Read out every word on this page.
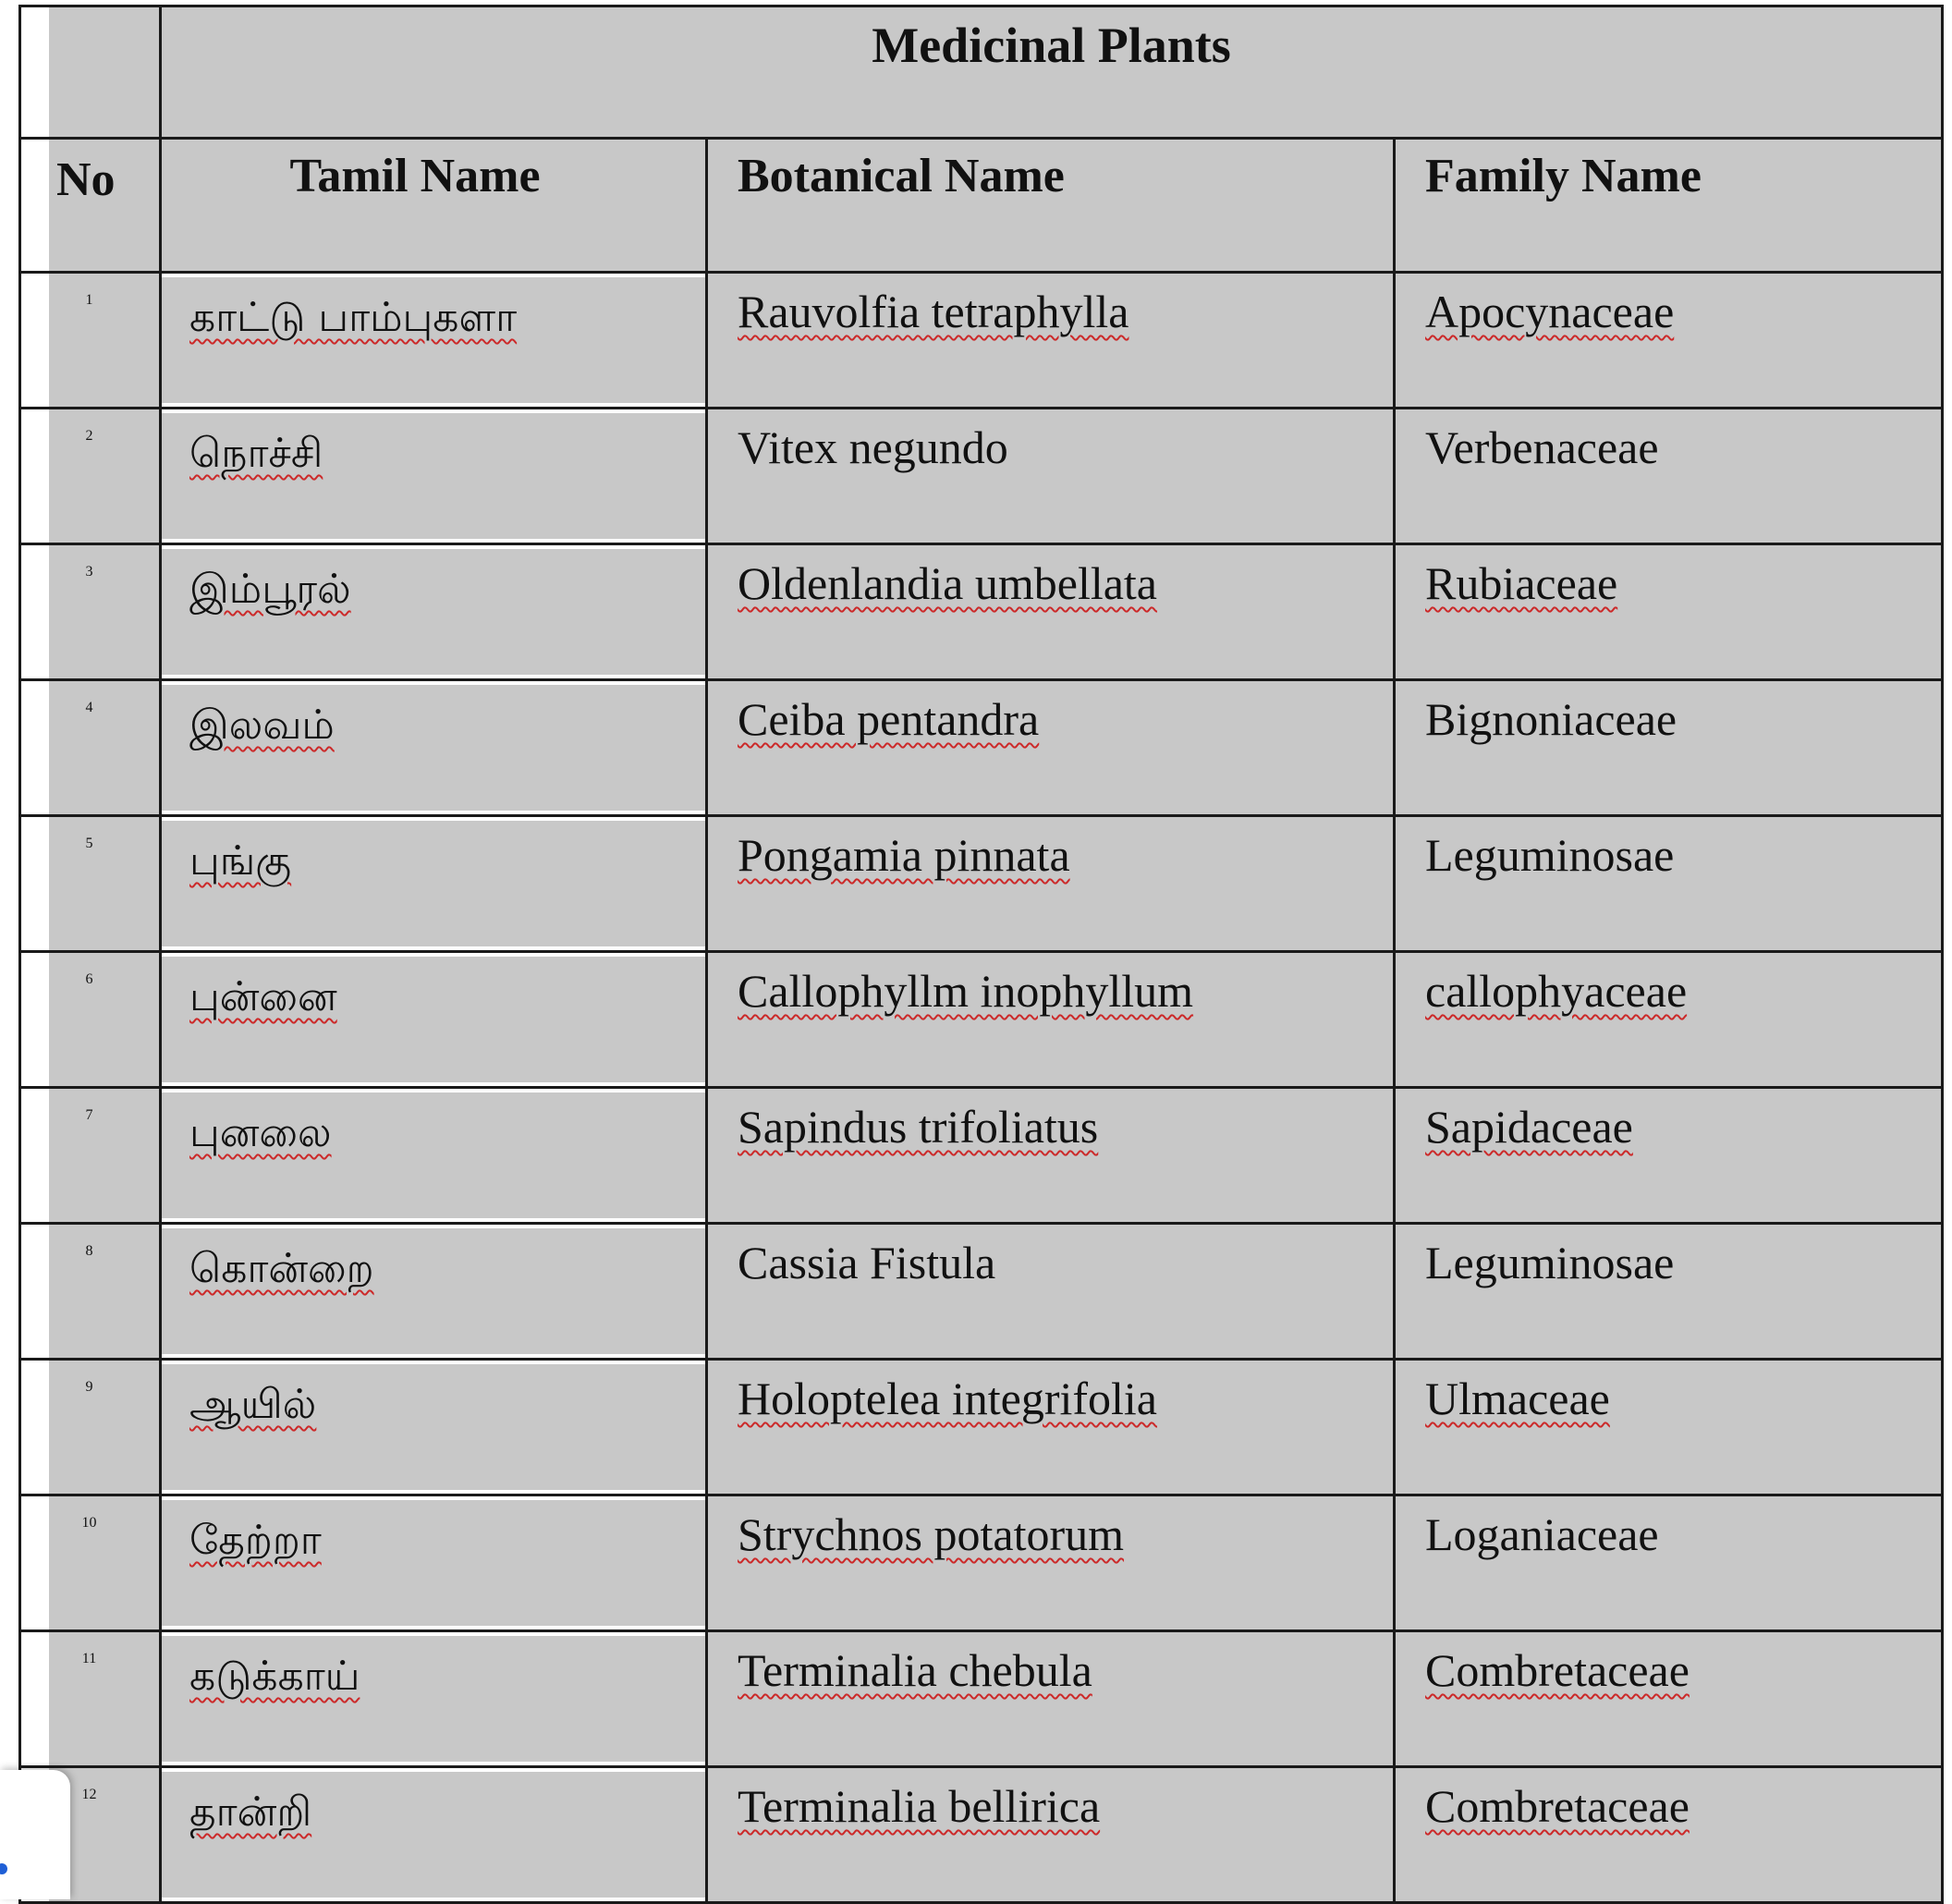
	Medicinal Plants		

No	Tamil Name	Botanical Name	Family Name

1	காட்டு பாம்புகளா	Rauvolfia tetraphylla	Apocynaceae

2	நொச்சி	Vitex negundo	Verbenaceae

3	இம்பூரல்	Oldenlandia umbellata	Rubiaceae

4	இலவம்	Ceiba pentandra	Bignoniaceae

5	புங்கு	Pongamia pinnata	Leguminosae

6	புன்னை	Callophyllm inophyllum	callophyaceae

7	புனலை	Sapindus trifoliatus	Sapidaceae

8	கொன்றை	Cassia Fistula	Leguminosae

9	ஆயில்	Holoptelea integrifolia	Ulmaceae

10	தேற்றா	Strychnos potatorum	Loganiaceae

11	கடுக்காய்	Terminalia chebula	Combretaceae

12	தான்றி	Terminalia bellirica	Combretaceae
